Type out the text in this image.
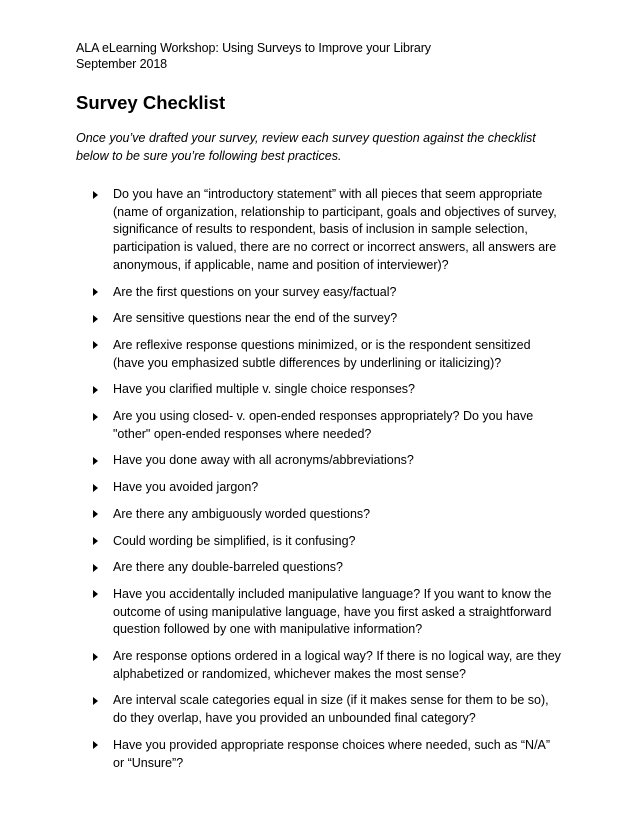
ALA eLearning Workshop: Using Surveys to Improve your Library
September 2018
Survey Checklist

Once you’ve drafted your survey, review each survey question against the checklist below to be sure you’re following best practices.

Do you have an “introductory statement” with all pieces that seem appropriate (name of organization, relationship to participant, goals and objectives of survey, significance of results to respondent, basis of inclusion in sample selection, participation is valued, there are no correct or incorrect answers, all answers are anonymous, if applicable, name and position of interviewer)?
Are the first questions on your survey easy/factual?
Are sensitive questions near the end of the survey?
Are reflexive response questions minimized, or is the respondent sensitized (have you emphasized subtle differences by underlining or italicizing)?
Have you clarified multiple v. single choice responses?
Are you using closed- v. open-ended responses appropriately? Do you have "other" open-ended responses where needed?
Have you done away with all acronyms/abbreviations?
Have you avoided jargon?
Are there any ambiguously worded questions?
Could wording be simplified, is it confusing?
Are there any double-barreled questions?
Have you accidentally included manipulative language? If you want to know the outcome of using manipulative language, have you first asked a straightforward question followed by one with manipulative information?
Are response options ordered in a logical way? If there is no logical way, are they alphabetized or randomized, whichever makes the most sense?
Are interval scale categories equal in size (if it makes sense for them to be so), do they overlap, have you provided an unbounded final category?
Have you provided appropriate response choices where needed, such as “N/A” or “Unsure”?
